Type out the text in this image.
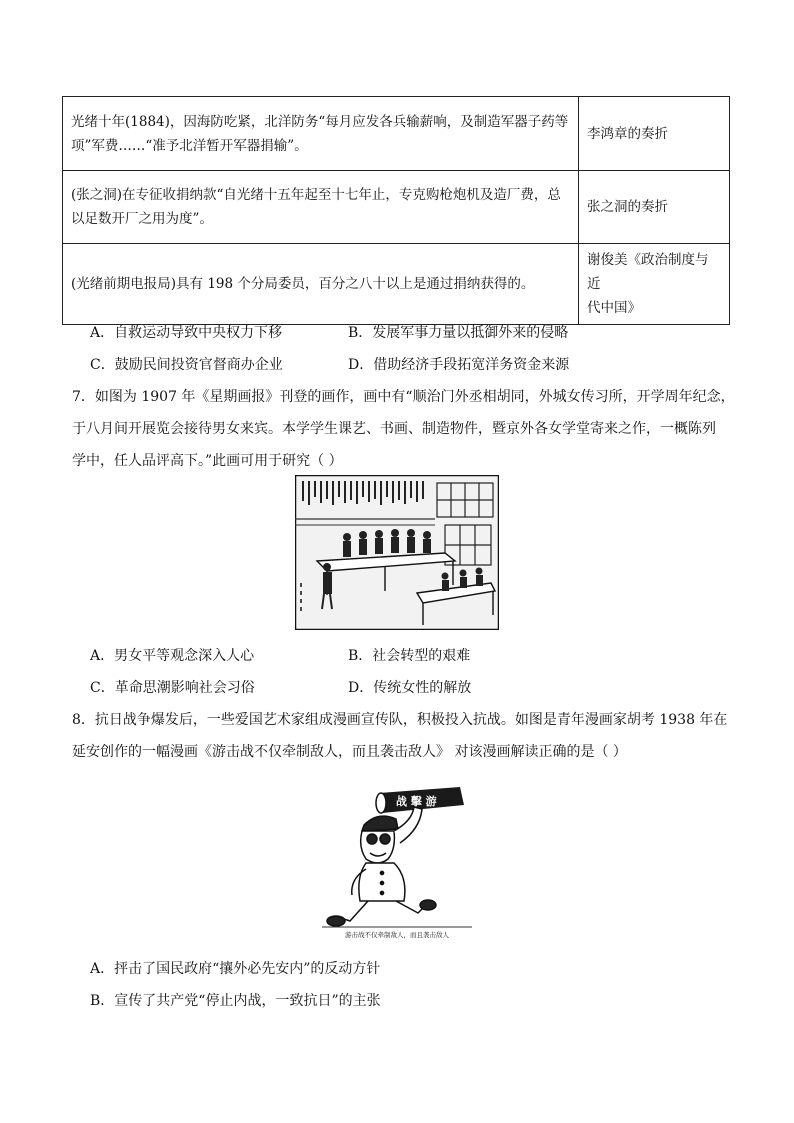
光绪十年(1884)，因海防吃紧，北洋防务“每月应发各兵输薪响，及制造军器子药等
项”军费……“准予北洋暂开军器捐输”。	李鸿章的奏折

(张之洞)在专征收捐纳款“自光绪十五年起至十七年止，专克购枪炮机及造厂费，总
以足数开厂之用为度”。	张之洞的奏折

(光绪前期电报局)具有 198 个分局委员，百分之八十以上是通过捐纳获得的。	谢俊美《政治制度与近
代中国》
A．自救运动导致中央权力下移	B．发展军事力量以抵御外来的侵略
C．鼓励民间投资官督商办企业	D．借助经济手段拓宽洋务资金来源
7．如图为 1907 年《星期画报》刊登的画作，画中有“顺治门外丞相胡同，外城女传习所，开学周年纪念，
于八月间开展览会接待男女来宾。本学学生课艺、书画、制造物件，暨京外各女学堂寄来之作，一概陈列
学中，任人品评高下。”此画可用于研究（ ）
A．男女平等观念深入人心	B．社会转型的艰难
C．革命思潮影响社会习俗	D．传统女性的解放
8．抗日战争爆发后，一些爱国艺术家组成漫画宣传队，积极投入抗战。如图是青年漫画家胡考 1938 年在
延安创作的一幅漫画《游击战不仅牵制敌人，而且袭击敌人》 对该漫画解读正确的是（ ）
战 擊 游
游击战不仅牵制敌人，而且袭击敌人
A．抨击了国民政府“攘外必先安内”的反动方针
B．宣传了共产党“停止内战，一致抗日”的主张
